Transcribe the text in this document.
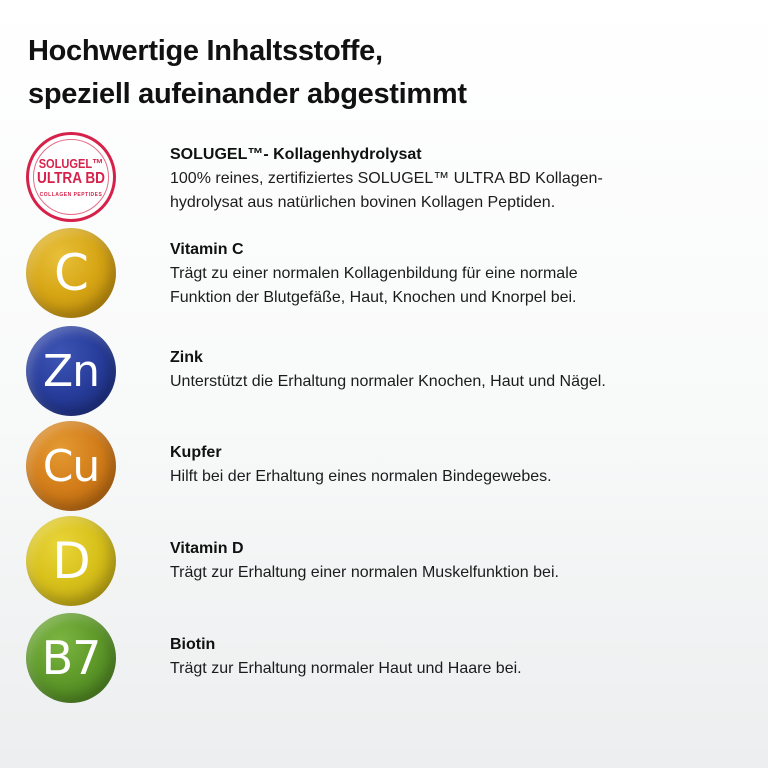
Hochwertige Inhaltsstoffe,
speziell aufeinander abgestimmt
SOLUGEL™
ULTRA BD
COLLAGEN PEPTIDES
SOLUGEL™- Kollagenhydrolysat
100% reines, zertifiziertes SOLUGEL™ ULTRA BD Kollagen-
hydrolysat aus natürlichen bovinen Kollagen Peptiden.
C	Vitamin C
Trägt zu einer normalen Kollagenbildung für eine normale
Funktion der Blutgefäße, Haut, Knochen und Knorpel bei.
Zn	Zink
Unterstützt die Erhaltung normaler Knochen, Haut und Nägel.
Cu	Kupfer
Hilft bei der Erhaltung eines normalen Bindegewebes.
D	Vitamin D
Trägt zur Erhaltung einer normalen Muskelfunktion bei.
B7	Biotin
Trägt zur Erhaltung normaler Haut und Haare bei.
